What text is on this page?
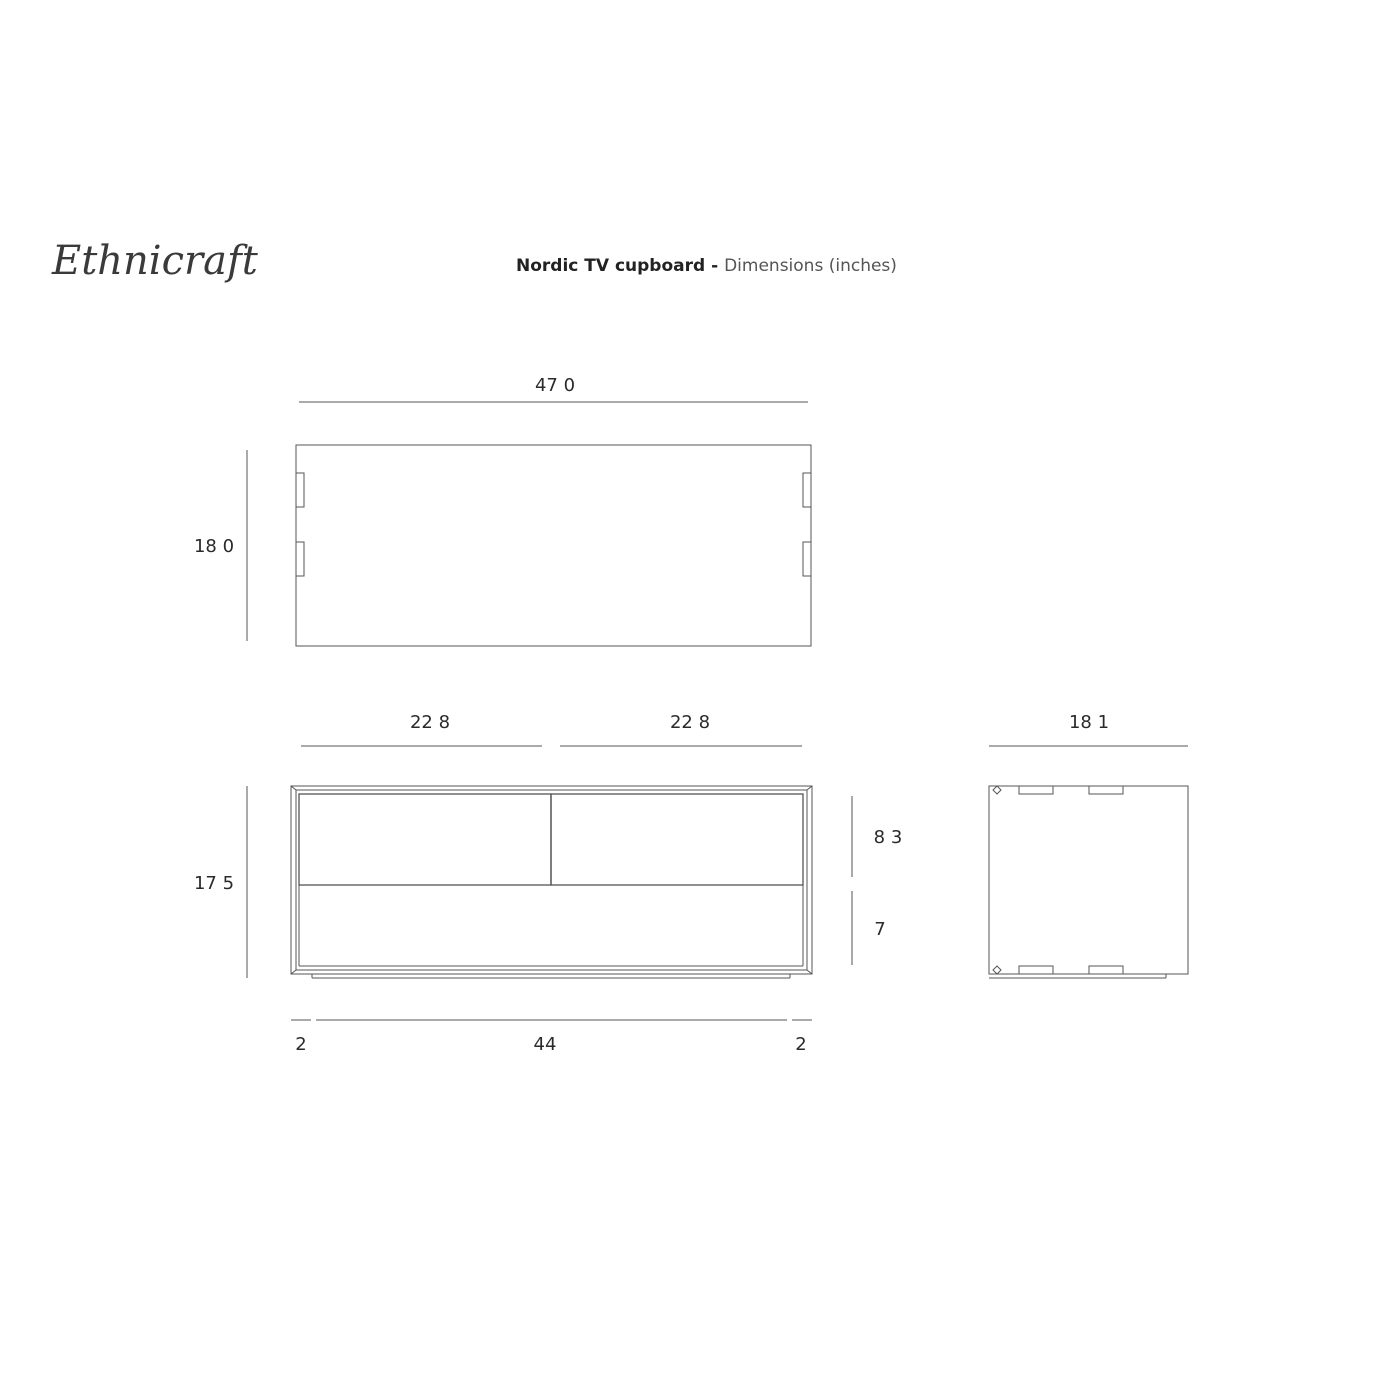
Ethnicraft	Nordic TV cupboard - Dimensions (inches)
47 0
18 0
22 8	22 8
17 5
8 3
7
18 1
2	44	2
